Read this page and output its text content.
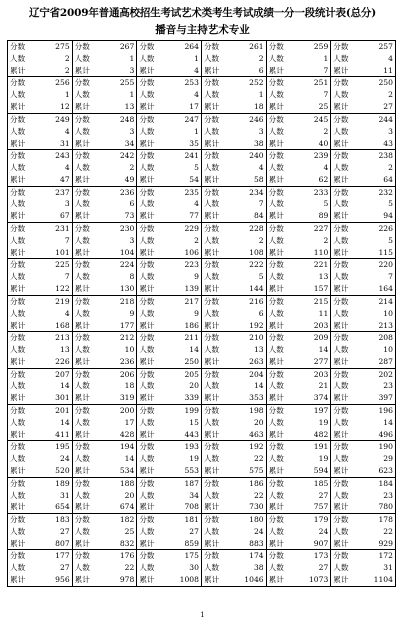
辽宁省2009年普通高校招生考试艺术类考生考试成绩一分一段统计表(总分)
播音与主持艺术专业
分数	275
人数	2
累计	2
分数	267
人数	1
累计	3
分数	264
人数	1
累计	4
分数	261
人数	2
累计	6
分数	259
人数	1
累计	7
分数	257
人数	4
累计	11
分数	256
人数	1
累计	12
分数	255
人数	1
累计	13
分数	253
人数	4
累计	17
分数	252
人数	1
累计	18
分数	251
人数	7
累计	25
分数	250
人数	2
累计	27
分数	249
人数	4
累计	31
分数	248
人数	3
累计	34
分数	247
人数	1
累计	35
分数	246
人数	3
累计	38
分数	245
人数	2
累计	40
分数	244
人数	3
累计	43
分数	243
人数	4
累计	47
分数	242
人数	2
累计	49
分数	241
人数	5
累计	54
分数	240
人数	4
累计	58
分数	239
人数	4
累计	62
分数	238
人数	2
累计	64
分数	237
人数	3
累计	67
分数	236
人数	6
累计	73
分数	235
人数	4
累计	77
分数	234
人数	7
累计	84
分数	233
人数	5
累计	89
分数	232
人数	5
累计	94
分数	231
人数	7
累计	101
分数	230
人数	3
累计	104
分数	229
人数	2
累计	106
分数	228
人数	2
累计	108
分数	227
人数	2
累计	110
分数	226
人数	5
累计	115
分数	225
人数	7
累计	122
分数	224
人数	8
累计	130
分数	223
人数	9
累计	139
分数	222
人数	5
累计	144
分数	221
人数	13
累计	157
分数	220
人数	7
累计	164
分数	219
人数	4
累计	168
分数	218
人数	9
累计	177
分数	217
人数	9
累计	186
分数	216
人数	6
累计	192
分数	215
人数	11
累计	203
分数	214
人数	10
累计	213
分数	213
人数	13
累计	226
分数	212
人数	10
累计	236
分数	211
人数	14
累计	250
分数	210
人数	13
累计	263
分数	209
人数	14
累计	277
分数	208
人数	10
累计	287
分数	207
人数	14
累计	301
分数	206
人数	18
累计	319
分数	205
人数	20
累计	339
分数	204
人数	14
累计	353
分数	203
人数	21
累计	374
分数	202
人数	23
累计	397
分数	201
人数	14
累计	411
分数	200
人数	17
累计	428
分数	199
人数	15
累计	443
分数	198
人数	20
累计	463
分数	197
人数	19
累计	482
分数	196
人数	14
累计	496
分数	195
人数	24
累计	520
分数	194
人数	14
累计	534
分数	193
人数	19
累计	553
分数	192
人数	22
累计	575
分数	191
人数	19
累计	594
分数	190
人数	29
累计	623
分数	189
人数	31
累计	654
分数	188
人数	20
累计	674
分数	187
人数	34
累计	708
分数	186
人数	22
累计	730
分数	185
人数	27
累计	757
分数	184
人数	23
累计	780
分数	183
人数	27
累计	807
分数	182
人数	25
累计	832
分数	181
人数	27
累计	859
分数	180
人数	24
累计	883
分数	179
人数	24
累计	907
分数	178
人数	22
累计	929
分数	177
人数	27
累计	956
分数	176
人数	22
累计	978
分数	175
人数	30
累计	1008
分数	174
人数	38
累计	1046
分数	173
人数	27
累计	1073
分数	172
人数	31
累计	1104
1
